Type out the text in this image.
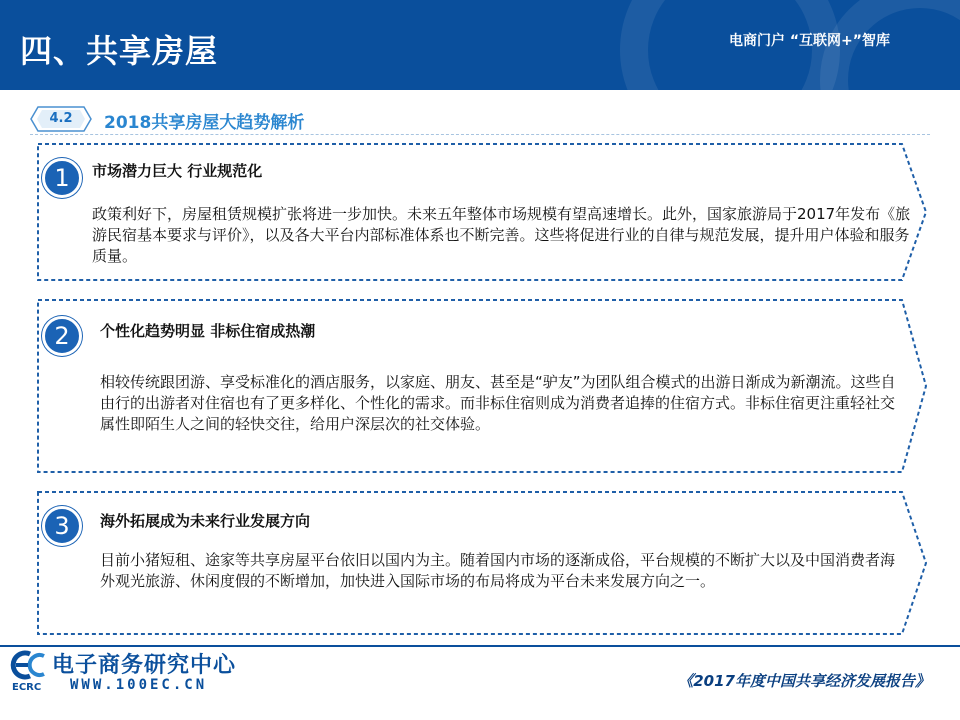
四、共享房屋	电商门户 “互联网+”智库
4.2	2018共享房屋大趋势解析
1	市场潜力巨大 行业规范化
政策利好下，房屋租赁规模扩张将进一步加快。未来五年整体市场规模有望高速增长。此外，国家旅游局于2017年发布《旅游民宿基本要求与评价》，以及各大平台内部标准体系也不断完善。这些将促进行业的自律与规范发展，提升用户体验和服务质量。
2	个性化趋势明显 非标住宿成热潮
相较传统跟团游、享受标准化的酒店服务，以家庭、朋友、甚至是“驴友”为团队组合模式的出游日渐成为新潮流。这些自由行的出游者对住宿也有了更多样化、个性化的需求。而非标住宿则成为消费者追捧的住宿方式。非标住宿更注重轻社交属性即陌生人之间的轻快交往，给用户深层次的社交体验。
3	海外拓展成为未来行业发展方向
目前小猪短租、途家等共享房屋平台依旧以国内为主。随着国内市场的逐渐成俗，平台规模的不断扩大以及中国消费者海外观光旅游、休闲度假的不断增加，加快进入国际市场的布局将成为平台未来发展方向之一。
电子商务研究中心
ECRC WWW.100EC.CN	《2017年度中国共享经济发展报告》
